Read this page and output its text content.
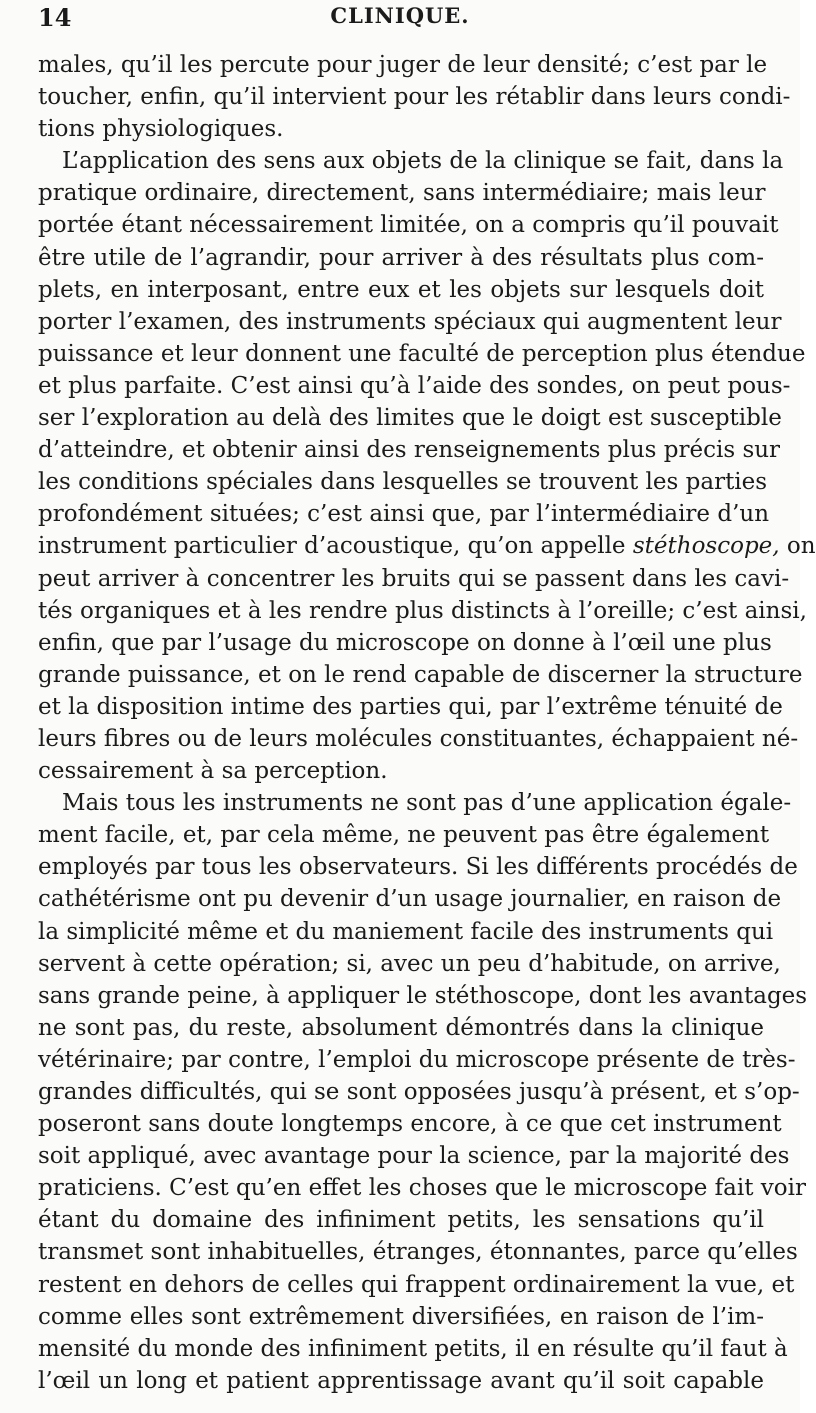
14	CLINIQUE.
males, qu’il les percute pour juger de leur densité; c’est par le
toucher, enfin, qu’il intervient pour les rétablir dans leurs condi-
tions physiologiques.
L’application des sens aux objets de la clinique se fait, dans la
pratique ordinaire, directement, sans intermédiaire; mais leur
portée étant nécessairement limitée, on a compris qu’il pouvait
être utile de l’agrandir, pour arriver à des résultats plus com-
plets, en interposant, entre eux et les objets sur lesquels doit
porter l’examen, des instruments spéciaux qui augmentent leur
puissance et leur donnent une faculté de perception plus étendue
et plus parfaite. C’est ainsi qu’à l’aide des sondes, on peut pous-
ser l’exploration au delà des limites que le doigt est susceptible
d’atteindre, et obtenir ainsi des renseignements plus précis sur
les conditions spéciales dans lesquelles se trouvent les parties
profondément situées; c’est ainsi que, par l’intermédiaire d’un
instrument particulier d’acoustique, qu’on appelle stéthoscope, on
peut arriver à concentrer les bruits qui se passent dans les cavi-
tés organiques et à les rendre plus distincts à l’oreille; c’est ainsi,
enfin, que par l’usage du microscope on donne à l’œil une plus
grande puissance, et on le rend capable de discerner la structure
et la disposition intime des parties qui, par l’extrême ténuité de
leurs fibres ou de leurs molécules constituantes, échappaient né-
cessairement à sa perception.
Mais tous les instruments ne sont pas d’une application égale-
ment facile, et, par cela même, ne peuvent pas être également
employés par tous les observateurs. Si les différents procédés de
cathétérisme ont pu devenir d’un usage journalier, en raison de
la simplicité même et du maniement facile des instruments qui
servent à cette opération; si, avec un peu d’habitude, on arrive,
sans grande peine, à appliquer le stéthoscope, dont les avantages
ne sont pas, du reste, absolument démontrés dans la clinique
vétérinaire; par contre, l’emploi du microscope présente de très-
grandes difficultés, qui se sont opposées jusqu’à présent, et s’op-
poseront sans doute longtemps encore, à ce que cet instrument
soit appliqué, avec avantage pour la science, par la majorité des
praticiens. C’est qu’en effet les choses que le microscope fait voir
étant du domaine des infiniment petits, les sensations qu’il
transmet sont inhabituelles, étranges, étonnantes, parce qu’elles
restent en dehors de celles qui frappent ordinairement la vue, et
comme elles sont extrêmement diversifiées, en raison de l’im-
mensité du monde des infiniment petits, il en résulte qu’il faut à
l’œil un long et patient apprentissage avant qu’il soit capable
